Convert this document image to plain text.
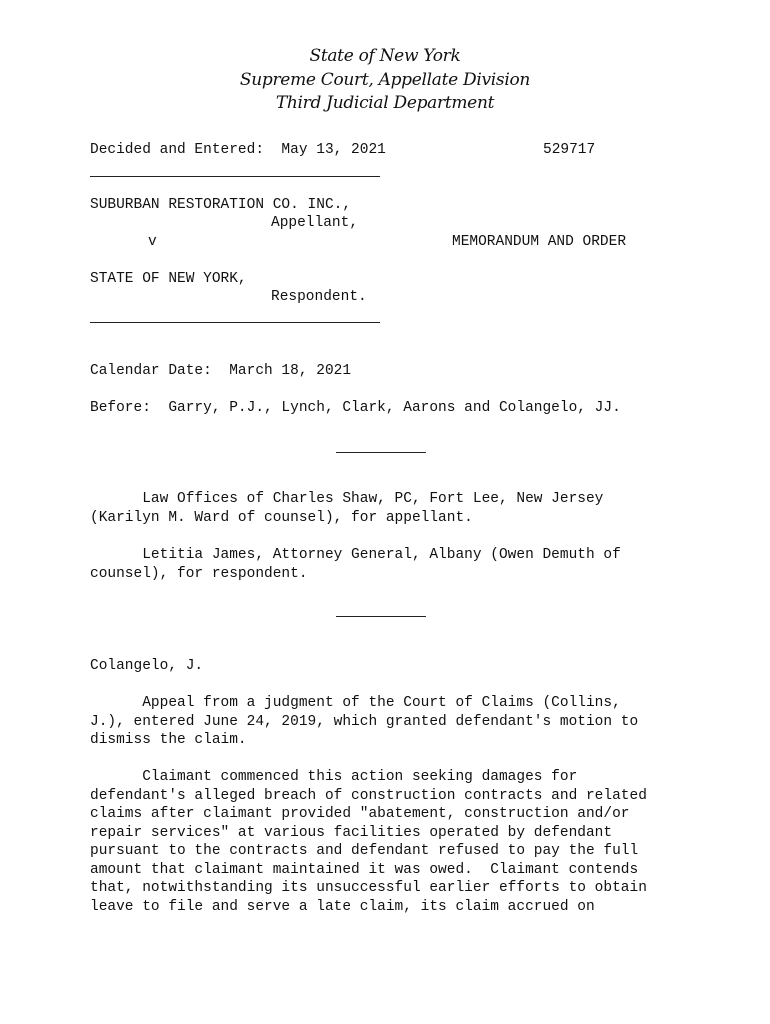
State of New York
Supreme Court, Appellate Division
Third Judicial Department
Decided and Entered:  May 13, 2021	529717
SUBURBAN RESTORATION CO. INC.,
Appellant,
v	MEMORANDUM AND ORDER
STATE OF NEW YORK,
Respondent.
Calendar Date:  March 18, 2021
Before:  Garry, P.J., Lynch, Clark, Aarons and Colangelo, JJ.
Law Offices of Charles Shaw, PC, Fort Lee, New Jersey
(Karilyn M. Ward of counsel), for appellant.
Letitia James, Attorney General, Albany (Owen Demuth of
counsel), for respondent.
Colangelo, J.
Appeal from a judgment of the Court of Claims (Collins,
J.), entered June 24, 2019, which granted defendant's motion to
dismiss the claim.
Claimant commenced this action seeking damages for
defendant's alleged breach of construction contracts and related
claims after claimant provided "abatement, construction and/or
repair services" at various facilities operated by defendant
pursuant to the contracts and defendant refused to pay the full
amount that claimant maintained it was owed.  Claimant contends
that, notwithstanding its unsuccessful earlier efforts to obtain
leave to file and serve a late claim, its claim accrued on
